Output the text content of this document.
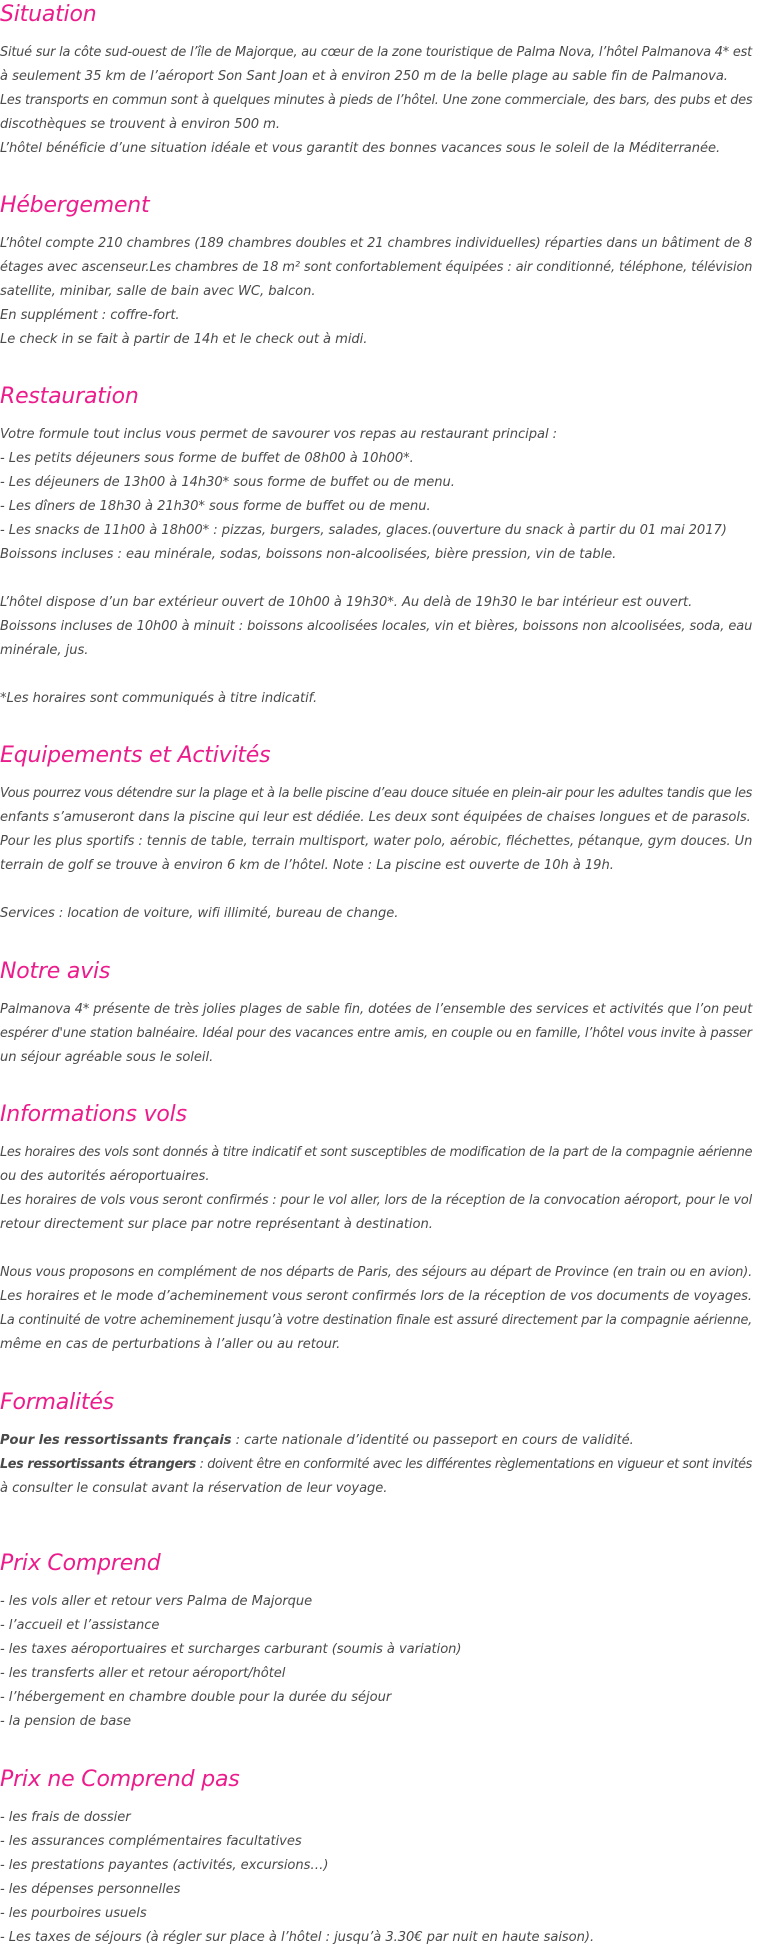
Situation
Situé sur la côte sud-ouest de l’île de Majorque, au cœur de la zone touristique de Palma Nova, l’hôtel Palmanova 4* est
à seulement 35 km de l’aéroport Son Sant Joan et à environ 250 m de la belle plage au sable fin de Palmanova.
Les transports en commun sont à quelques minutes à pieds de l’hôtel. Une zone commerciale, des bars, des pubs et des
discothèques se trouvent à environ 500 m.
L’hôtel bénéficie d’une situation idéale et vous garantit des bonnes vacances sous le soleil de la Méditerranée.
Hébergement
L’hôtel compte 210 chambres (189 chambres doubles et 21 chambres individuelles) réparties dans un bâtiment de 8
étages avec ascenseur.Les chambres de 18 m² sont confortablement équipées : air conditionné, téléphone, télévision
satellite, minibar, salle de bain avec WC, balcon.
En supplément : coffre-fort.
Le check in se fait à partir de 14h et le check out à midi.
Restauration
Votre formule tout inclus vous permet de savourer vos repas au restaurant principal :
- Les petits déjeuners sous forme de buffet de 08h00 à 10h00*.
- Les déjeuners de 13h00 à 14h30* sous forme de buffet ou de menu.
- Les dîners de 18h30 à 21h30* sous forme de buffet ou de menu.
- Les snacks de 11h00 à 18h00* : pizzas, burgers, salades, glaces.(ouverture du snack à partir du 01 mai 2017)
Boissons incluses : eau minérale, sodas, boissons non-alcoolisées, bière pression, vin de table.
L’hôtel dispose d’un bar extérieur ouvert de 10h00 à 19h30*. Au delà de 19h30 le bar intérieur est ouvert.
Boissons incluses de 10h00 à minuit : boissons alcoolisées locales, vin et bières, boissons non alcoolisées, soda, eau
minérale, jus.
*Les horaires sont communiqués à titre indicatif.
Equipements et Activités
Vous pourrez vous détendre sur la plage et à la belle piscine d’eau douce située en plein-air pour les adultes tandis que les
enfants s’amuseront dans la piscine qui leur est dédiée. Les deux sont équipées de chaises longues et de parasols.
Pour les plus sportifs : tennis de table, terrain multisport, water polo, aérobic, fléchettes, pétanque, gym douces. Un
terrain de golf se trouve à environ 6 km de l’hôtel. Note : La piscine est ouverte de 10h à 19h.
Services : location de voiture, wifi illimité, bureau de change.
Notre avis
Palmanova 4* présente de très jolies plages de sable fin, dotées de l’ensemble des services et activités que l’on peut
espérer d'une station balnéaire. Idéal pour des vacances entre amis, en couple ou en famille, l’hôtel vous invite à passer
un séjour agréable sous le soleil.
Informations vols
Les horaires des vols sont donnés à titre indicatif et sont susceptibles de modification de la part de la compagnie aérienne
ou des autorités aéroportuaires.
Les horaires de vols vous seront confirmés : pour le vol aller, lors de la réception de la convocation aéroport, pour le vol
retour directement sur place par notre représentant à destination.
Nous vous proposons en complément de nos départs de Paris, des séjours au départ de Province (en train ou en avion).
Les horaires et le mode d’acheminement vous seront confirmés lors de la réception de vos documents de voyages.
La continuité de votre acheminement jusqu’à votre destination finale est assuré directement par la compagnie aérienne,
même en cas de perturbations à l’aller ou au retour.
Formalités
Pour les ressortissants français : carte nationale d’identité ou passeport en cours de validité.
Les ressortissants étrangers : doivent être en conformité avec les différentes règlementations en vigueur et sont invités
à consulter le consulat avant la réservation de leur voyage.
Prix Comprend
- les vols aller et retour vers Palma de Majorque
- l’accueil et l’assistance
- les taxes aéroportuaires et surcharges carburant (soumis à variation)
- les transferts aller et retour aéroport/hôtel
- l’hébergement en chambre double pour la durée du séjour
- la pension de base
Prix ne Comprend pas
- les frais de dossier
- les assurances complémentaires facultatives
- les prestations payantes (activités, excursions…)
- les dépenses personnelles
- les pourboires usuels
- Les taxes de séjours (à régler sur place à l’hôtel : jusqu’à 3.30€ par nuit en haute saison).
